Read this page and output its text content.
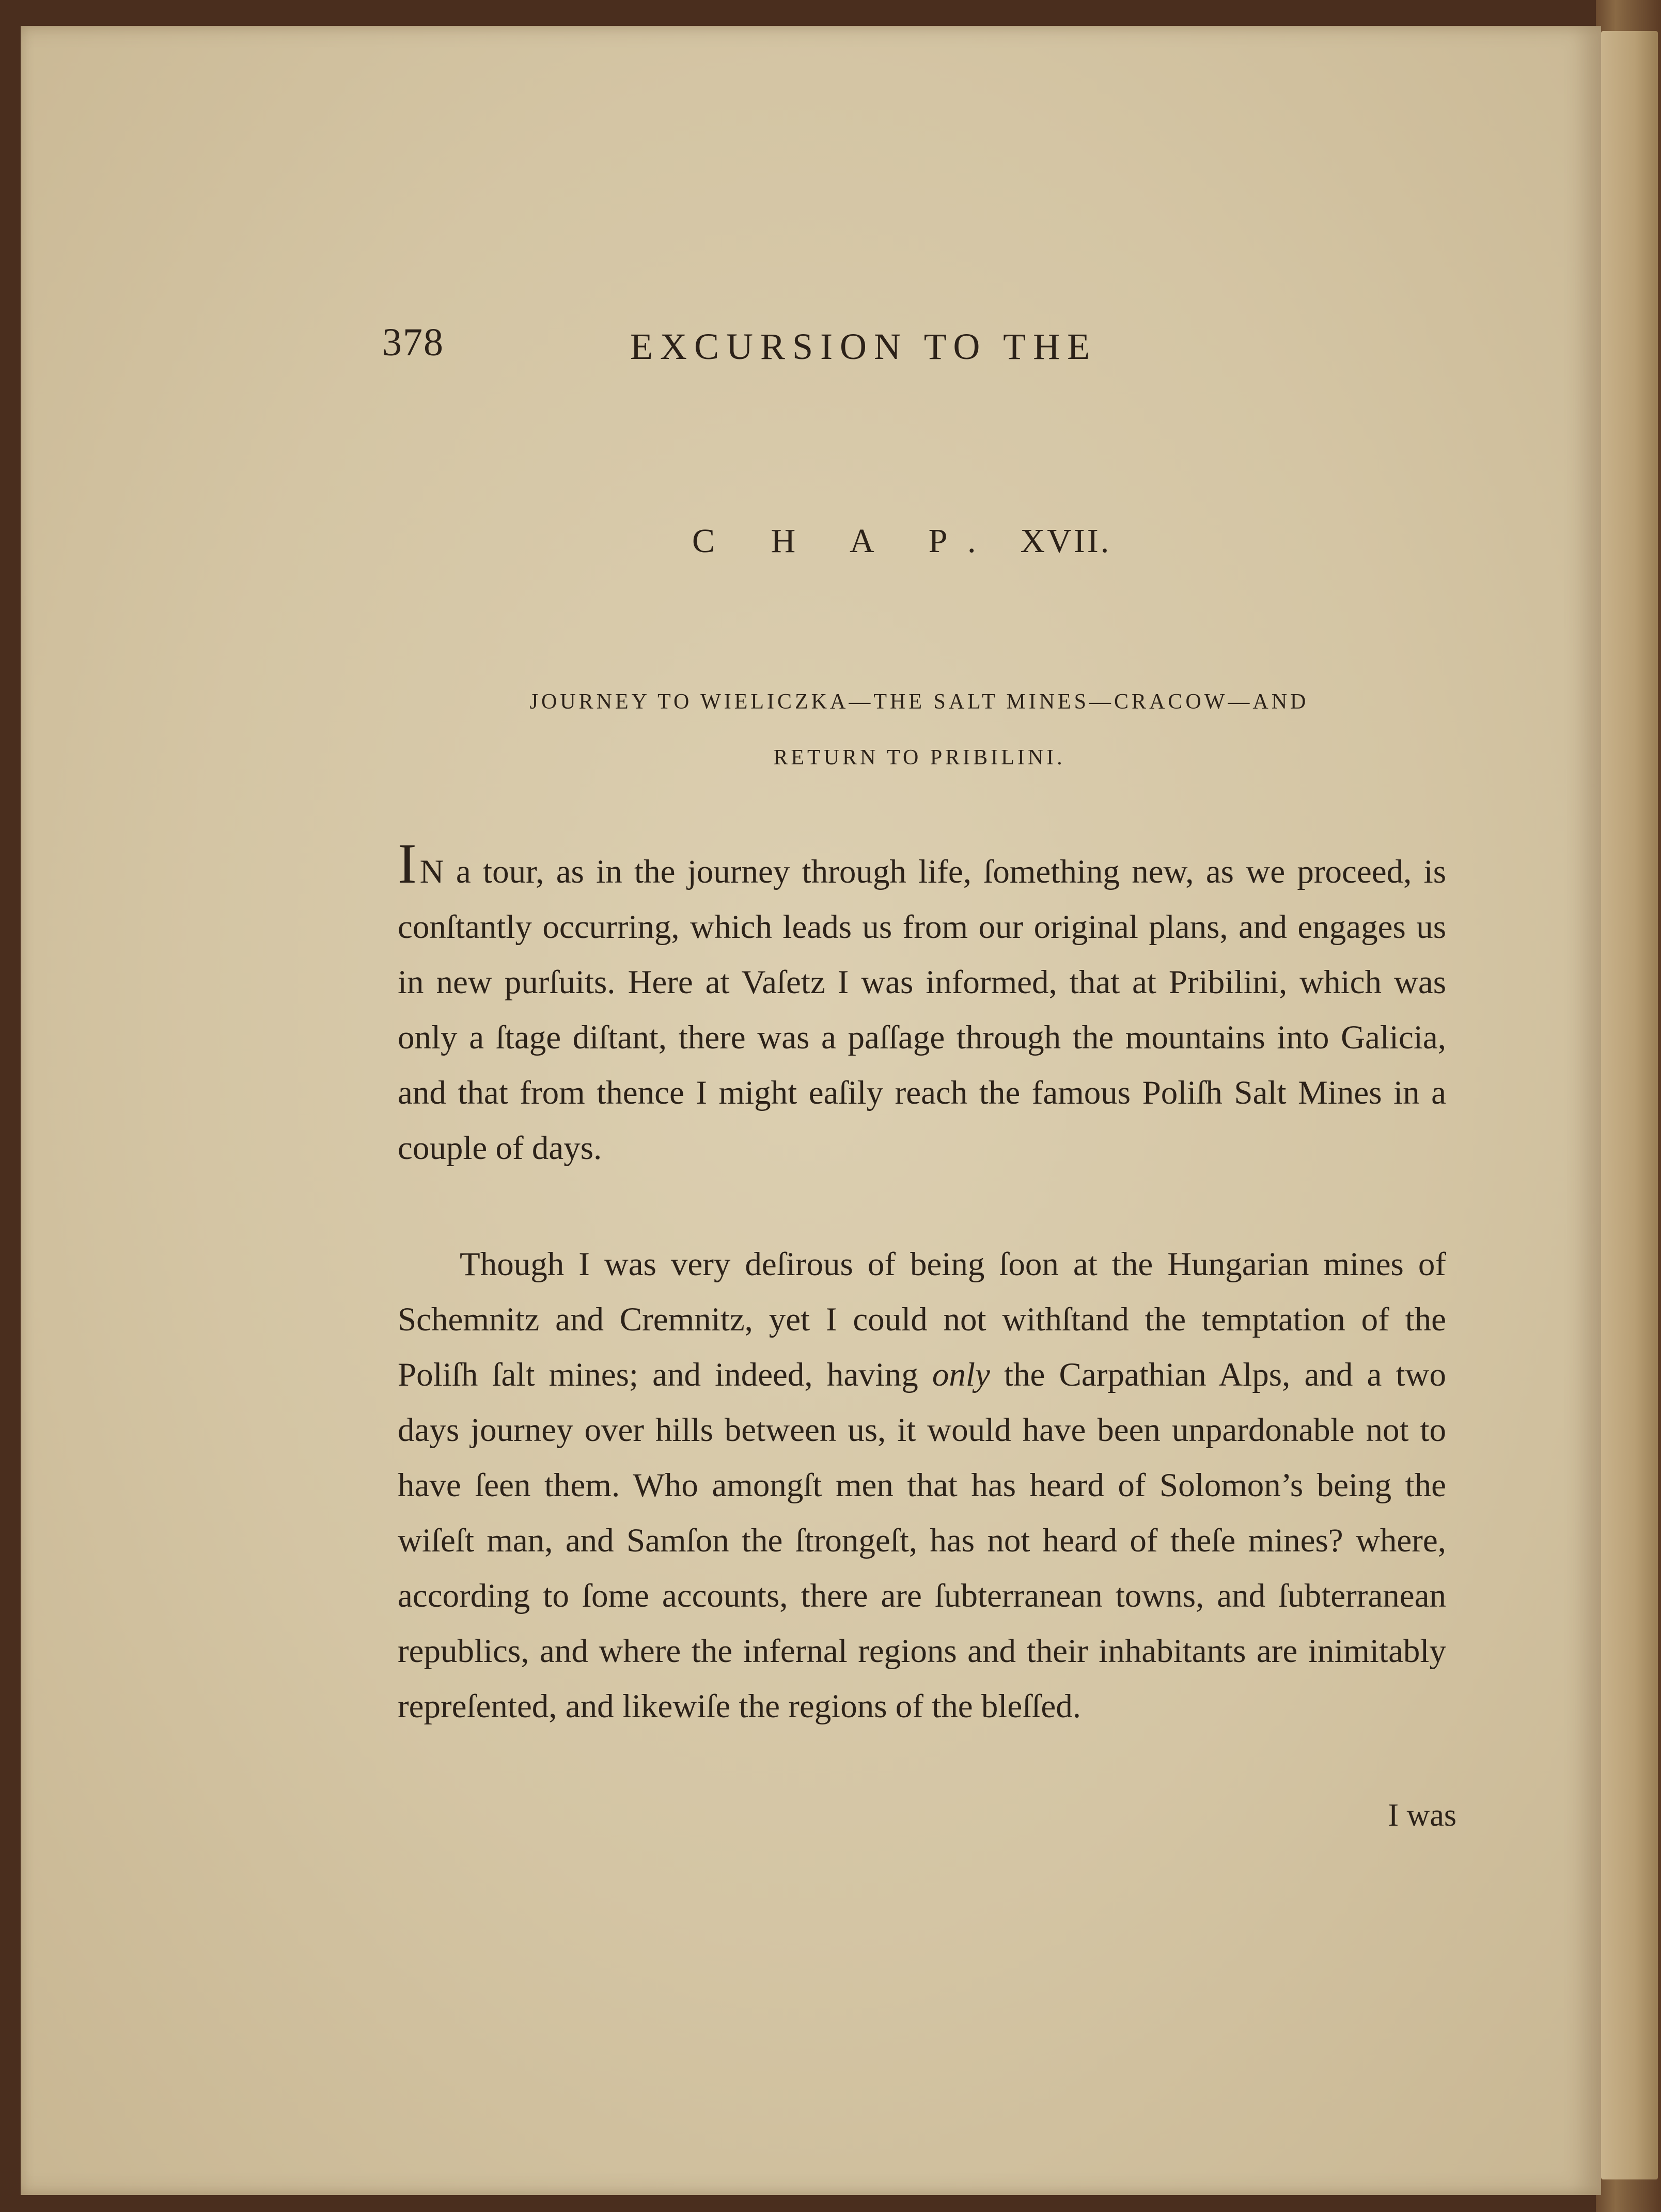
378	EXCURSION TO THE
C H A P. XVII.
JOURNEY TO WIELICZKA—THE SALT MINES—CRACOW—AND
RETURN TO PRIBILINI.

IN a tour, as in the journey through life, ſomething new, as we proceed, is conſtantly occurring, which leads us from our original plans, and engages us in new purſuits. Here at Vaſetz I was informed, that at Pribilini, which was only a ſtage diſtant, there was a paſſage through the mountains into Galicia, and that from thence I might eaſily reach the famous Poliſh Salt Mines in a couple of days.

Though I was very deſirous of being ſoon at the Hungarian mines of Schemnitz and Cremnitz, yet I could not withſtand the temptation of the Poliſh ſalt mines; and indeed, having only the Carpathian Alps, and a two days journey over hills between us, it would have been unpardonable not to have ſeen them. Who amongſt men that has heard of Solomon’s being the wiſeſt man, and Samſon the ſtrongeſt, has not heard of theſe mines? where, according to ſome accounts, there are ſubterranean towns, and ſubterranean republics, and where the infernal regions and their inhabitants are inimitably repreſented, and likewiſe the regions of the bleſſed.

I was
